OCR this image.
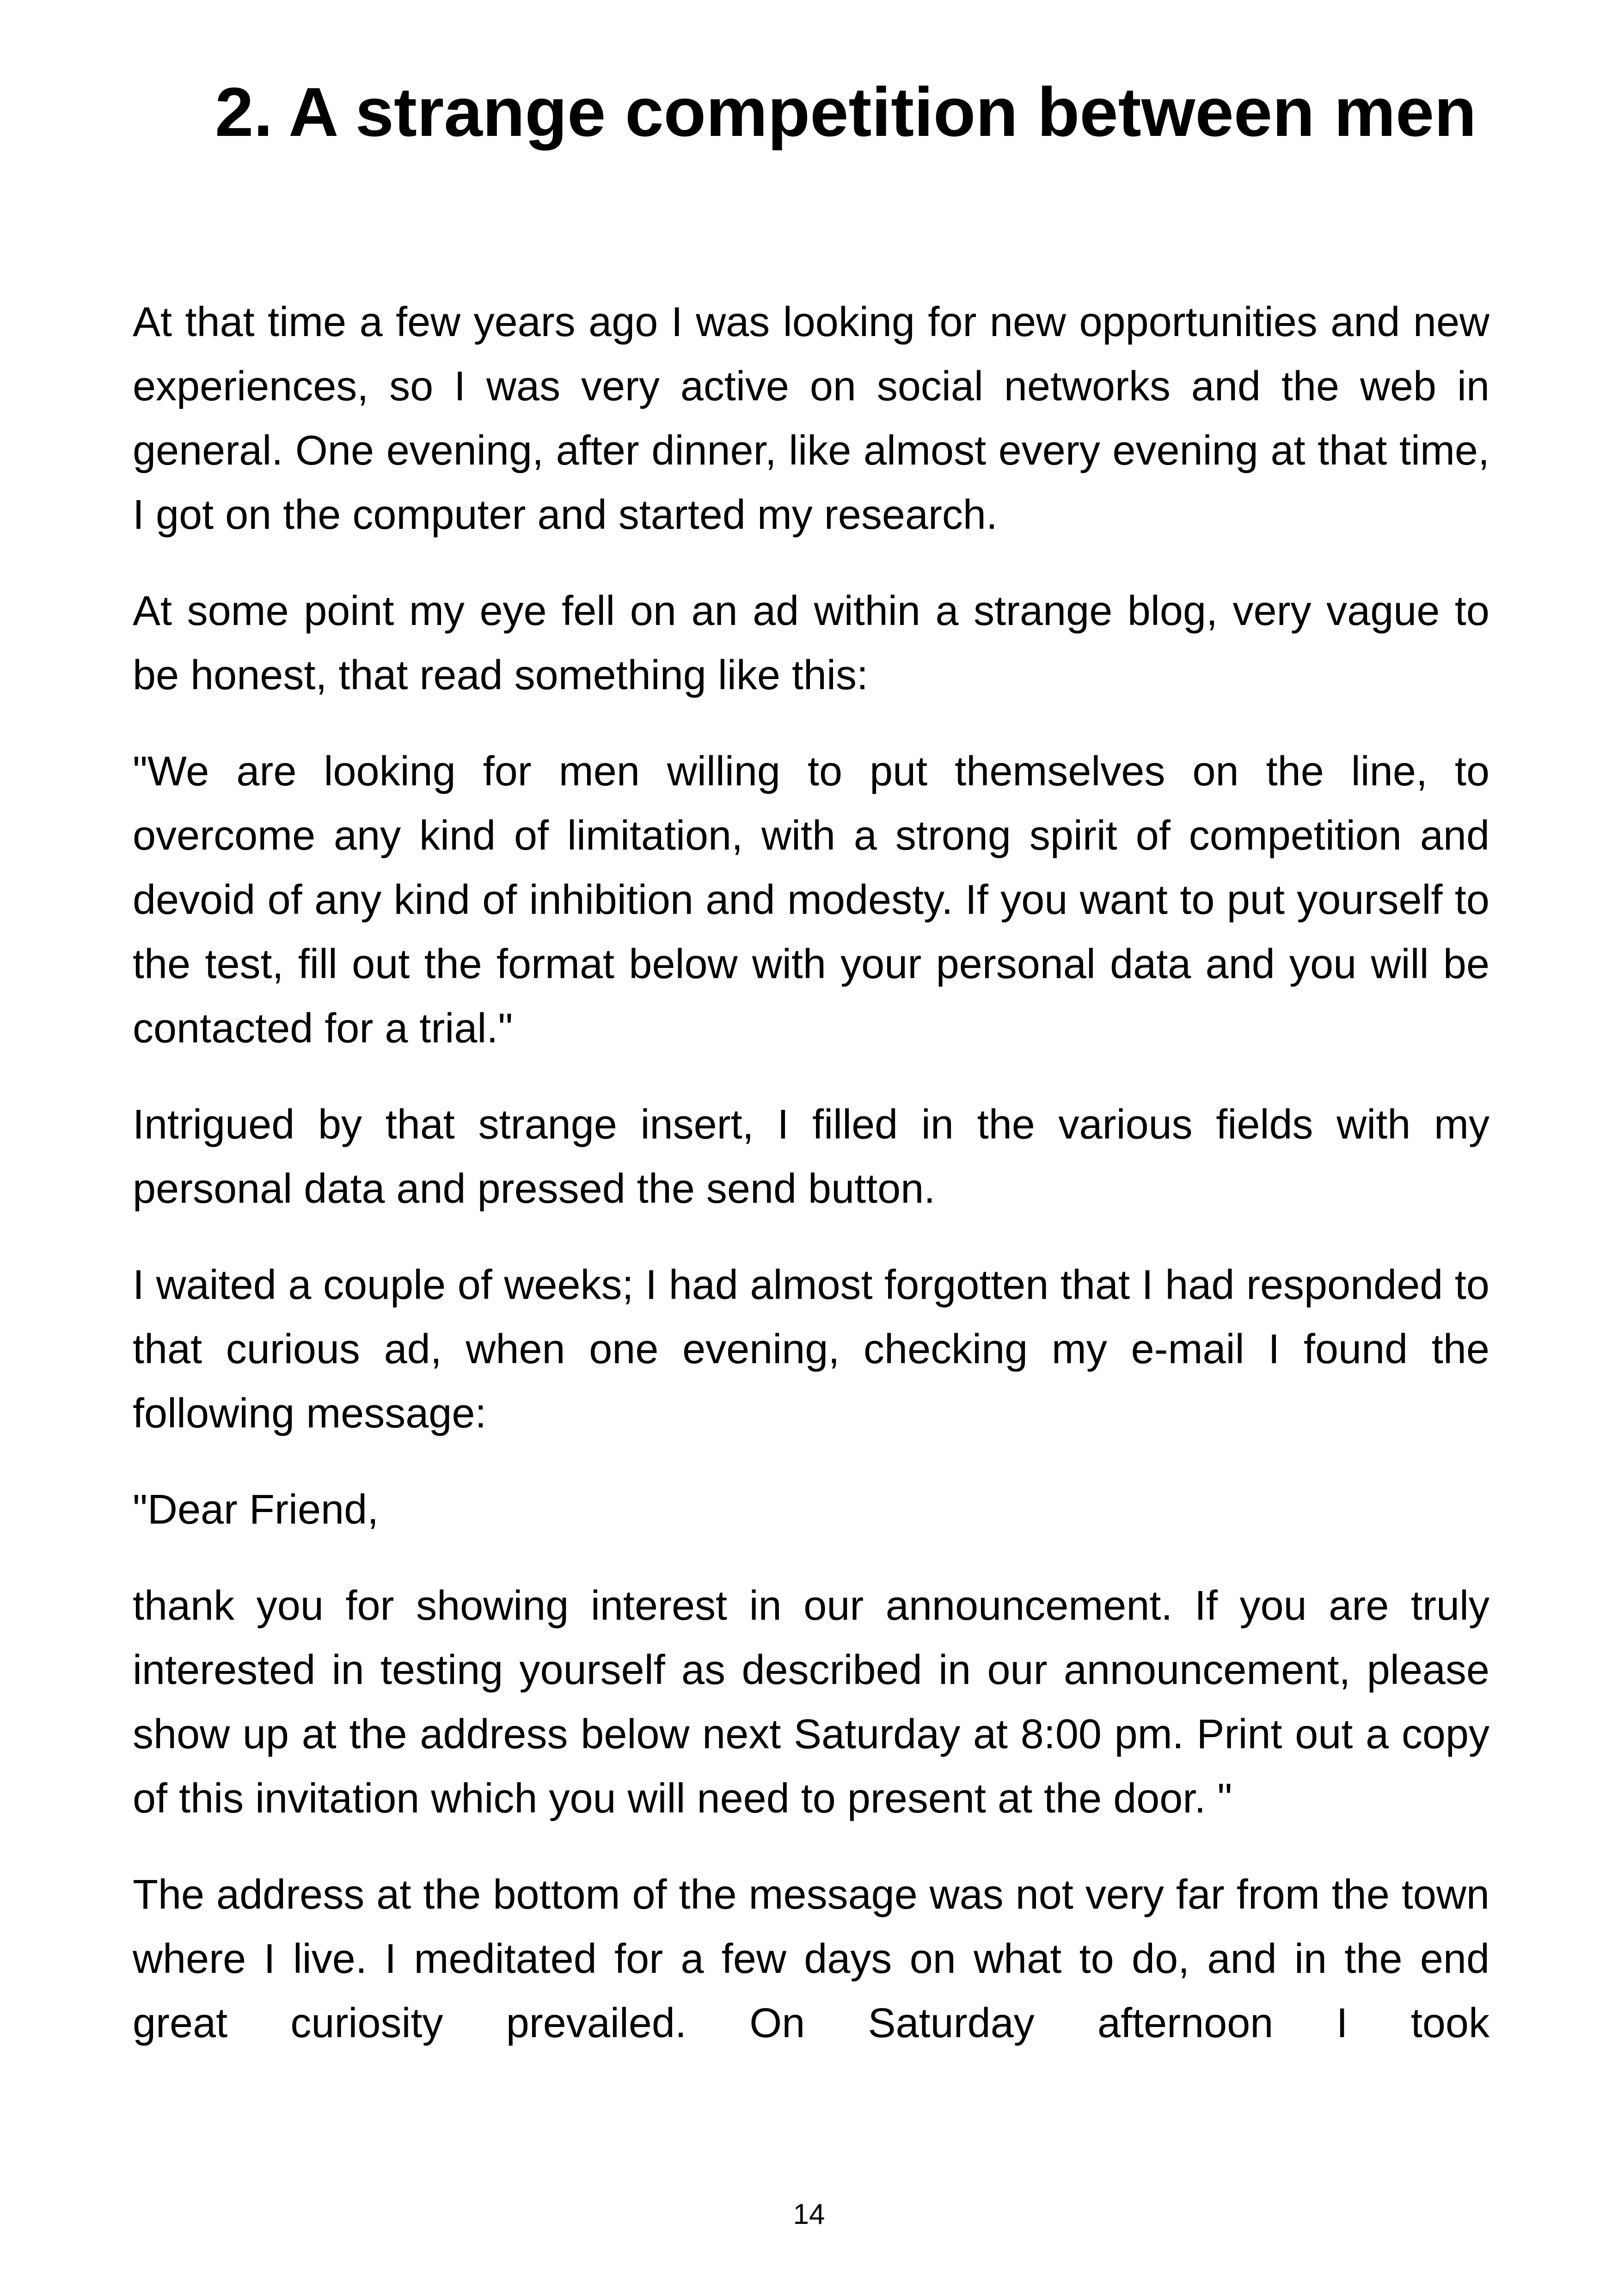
2. A strange competition between men

At that time a few years ago I was looking for new opportunities and new experiences, so I was very active on social networks and the web in general. One evening, after dinner, like almost every evening at that time, I got on the computer and started my research.

At some point my eye fell on an ad within a strange blog, very vague to be honest, that read something like this:

"We are looking for men willing to put themselves on the line, to overcome any kind of limitation, with a strong spirit of competition and devoid of any kind of inhibition and modesty. If you want to put yourself to the test, fill out the format below with your personal data and you will be contacted for a trial."

Intrigued by that strange insert, I filled in the various fields with my personal data and pressed the send button.

I waited a couple of weeks; I had almost forgotten that I had responded to that curious ad, when one evening, checking my e-mail I found the following message:

"Dear Friend,

thank you for showing interest in our announcement. If you are truly interested in testing yourself as described in our announcement, please show up at the address below next Saturday at 8:00 pm. Print out a copy of this invitation which you will need to present at the door. "

The address at the bottom of the message was not very far from the town where I live. I meditated for a few days on what to do, and in the end great curiosity prevailed. On Saturday afternoon I took

14
